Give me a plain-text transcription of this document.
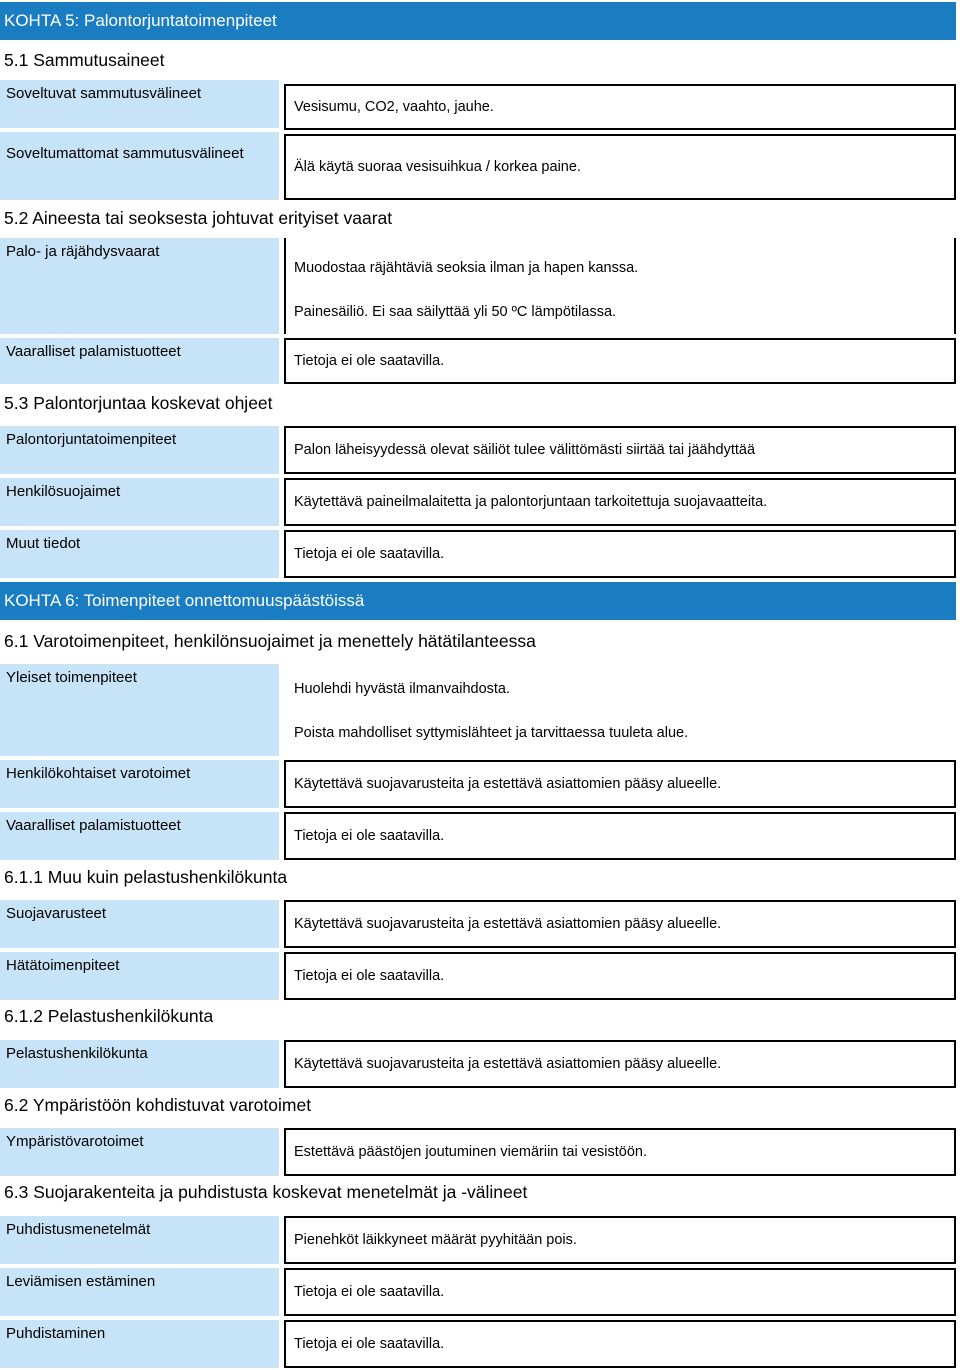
KOHTA 5: Palontorjuntatoimenpiteet
5.1 Sammutusaineet
Soveltuvat sammutusvälineet
Vesisumu, CO2, vaahto, jauhe.
Soveltumattomat sammutusvälineet
Älä käytä suoraa vesisuihkua / korkea paine.
5.2 Aineesta tai seoksesta johtuvat erityiset vaarat
Palo- ja räjähdysvaarat
Muodostaa räjähtäviä seoksia ilman ja hapen kanssa.
Painesäiliö. Ei saa säilyttää yli 50 ºC lämpötilassa.
Vaaralliset palamistuotteet
Tietoja ei ole saatavilla.
5.3 Palontorjuntaa koskevat ohjeet
Palontorjuntatoimenpiteet
Palon läheisyydessä olevat säiliöt tulee välittömästi siirtää tai jäähdyttää
Henkilösuojaimet
Käytettävä paineilmalaitetta ja palontorjuntaan tarkoitettuja suojavaatteita.
Muut tiedot
Tietoja ei ole saatavilla.
KOHTA 6: Toimenpiteet onnettomuuspäästöissä
6.1 Varotoimenpiteet, henkilönsuojaimet ja menettely hätätilanteessa
Yleiset toimenpiteet
Huolehdi hyvästä ilmanvaihdosta.
Poista mahdolliset syttymislähteet ja tarvittaessa tuuleta alue.
Henkilökohtaiset varotoimet
Käytettävä suojavarusteita ja estettävä asiattomien pääsy alueelle.
Vaaralliset palamistuotteet
Tietoja ei ole saatavilla.
6.1.1 Muu kuin pelastushenkilökunta
Suojavarusteet
Käytettävä suojavarusteita ja estettävä asiattomien pääsy alueelle.
Hätätoimenpiteet
Tietoja ei ole saatavilla.
6.1.2 Pelastushenkilökunta
Pelastushenkilökunta
Käytettävä suojavarusteita ja estettävä asiattomien pääsy alueelle.
6.2 Ympäristöön kohdistuvat varotoimet
Ympäristövarotoimet
Estettävä päästöjen joutuminen viemäriin tai vesistöön.
6.3 Suojarakenteita ja puhdistusta koskevat menetelmät ja -välineet
Puhdistusmenetelmät
Pienehköt läikkyneet määrät pyyhitään pois.
Leviämisen estäminen
Tietoja ei ole saatavilla.
Puhdistaminen
Tietoja ei ole saatavilla.
